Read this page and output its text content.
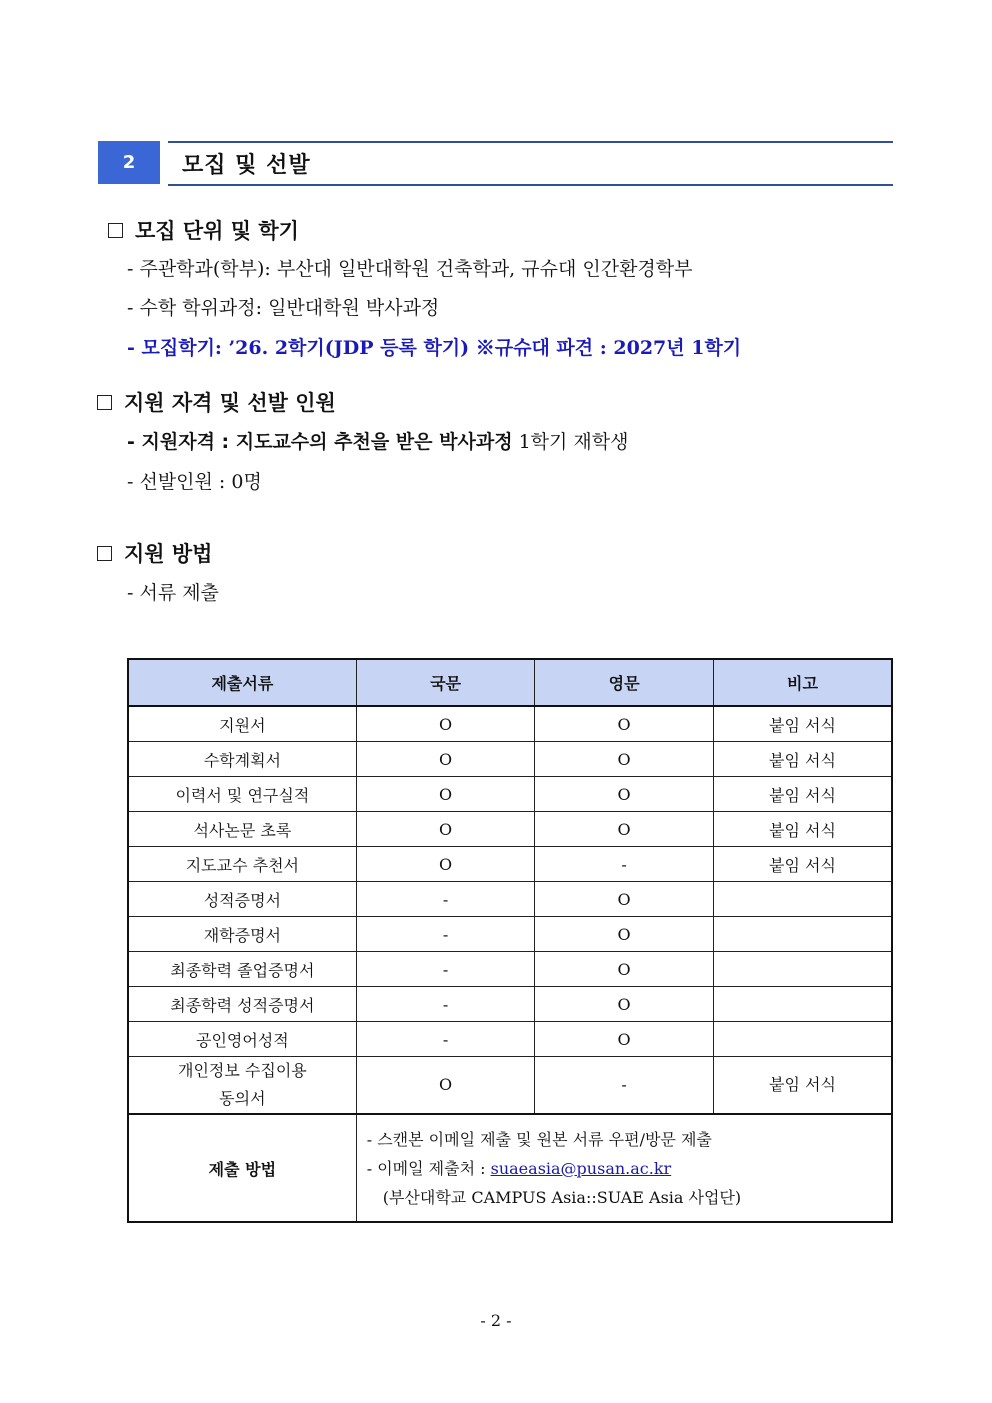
2	모집 및 선발
모집 단위 및 학기
- 주관학과(학부): 부산대 일반대학원 건축학과, 규슈대 인간환경학부
- 수학 학위과정: 일반대학원 박사과정
- 모집학기: ’26. 2학기(JDP 등록 학기) ※규슈대 파견 : 2027년 1학기
지원 자격 및 선발 인원
- 지원자격 : 지도교수의 추천을 받은 박사과정 1학기 재학생
- 선발인원 : 0명
지원 방법
- 서류 제출
제출서류	국문	영문	비고
지원서	O	O	붙임 서식
수학계획서	O	O	붙임 서식
이력서 및 연구실적	O	O	붙임 서식
석사논문 초록	O	O	붙임 서식
지도교수 추천서	O	-	붙임 서식
성적증명서	-	O	
재학증명서	-	O	
최종학력 졸업증명서	-	O	
최종학력 성적증명서	-	O	
공인영어성적	-	O	
개인정보 수집이용
동의서	O	-	붙임 서식
제출 방법	- 스캔본 이메일 제출 및 원본 서류 우편/방문 제출
- 이메일 제출처 : suaeasia@pusan.ac.kr
(부산대학교 CAMPUS Asia::SUAE Asia 사업단)		
- 2 -
